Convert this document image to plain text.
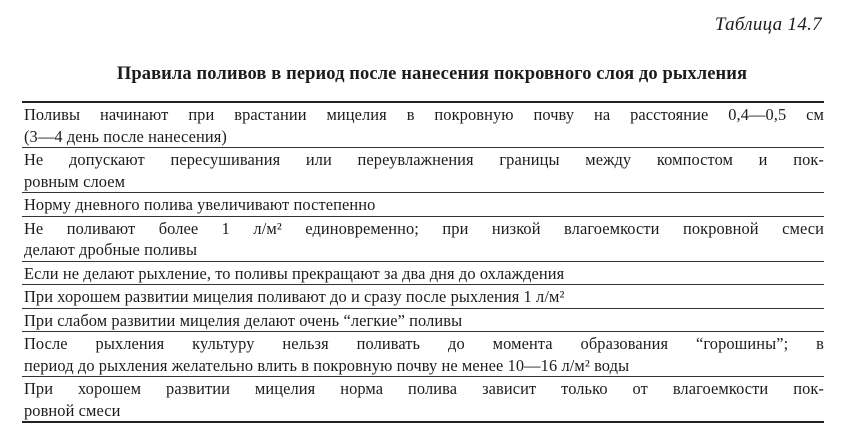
Таблица 14.7
Правила поливов в период после нанесения покровного слоя до рыхления
Поливы начинают при врастании мицелия в покровную почву на расстояние 0,4—0,5 см
(3—4 день после нанесения)
Не допускают пересушивания или переувлажнения границы между компостом и пок-
ровным слоем
Норму дневного полива увеличивают постепенно
Не поливают более 1 л/м² единовременно; при низкой влагоемкости покровной смеси
делают дробные поливы
Если не делают рыхление, то поливы прекращают за два дня до охлаждения
При хорошем развитии мицелия поливают до и сразу после рыхления 1 л/м²
При слабом развитии мицелия делают очень “легкие” поливы
После рыхления культуру нельзя поливать до момента образования “горошины”; в
период до рыхления желательно влить в покровную почву не менее 10—16 л/м² воды
При хорошем развитии мицелия норма полива зависит только от влагоемкости пок-
ровной смеси
